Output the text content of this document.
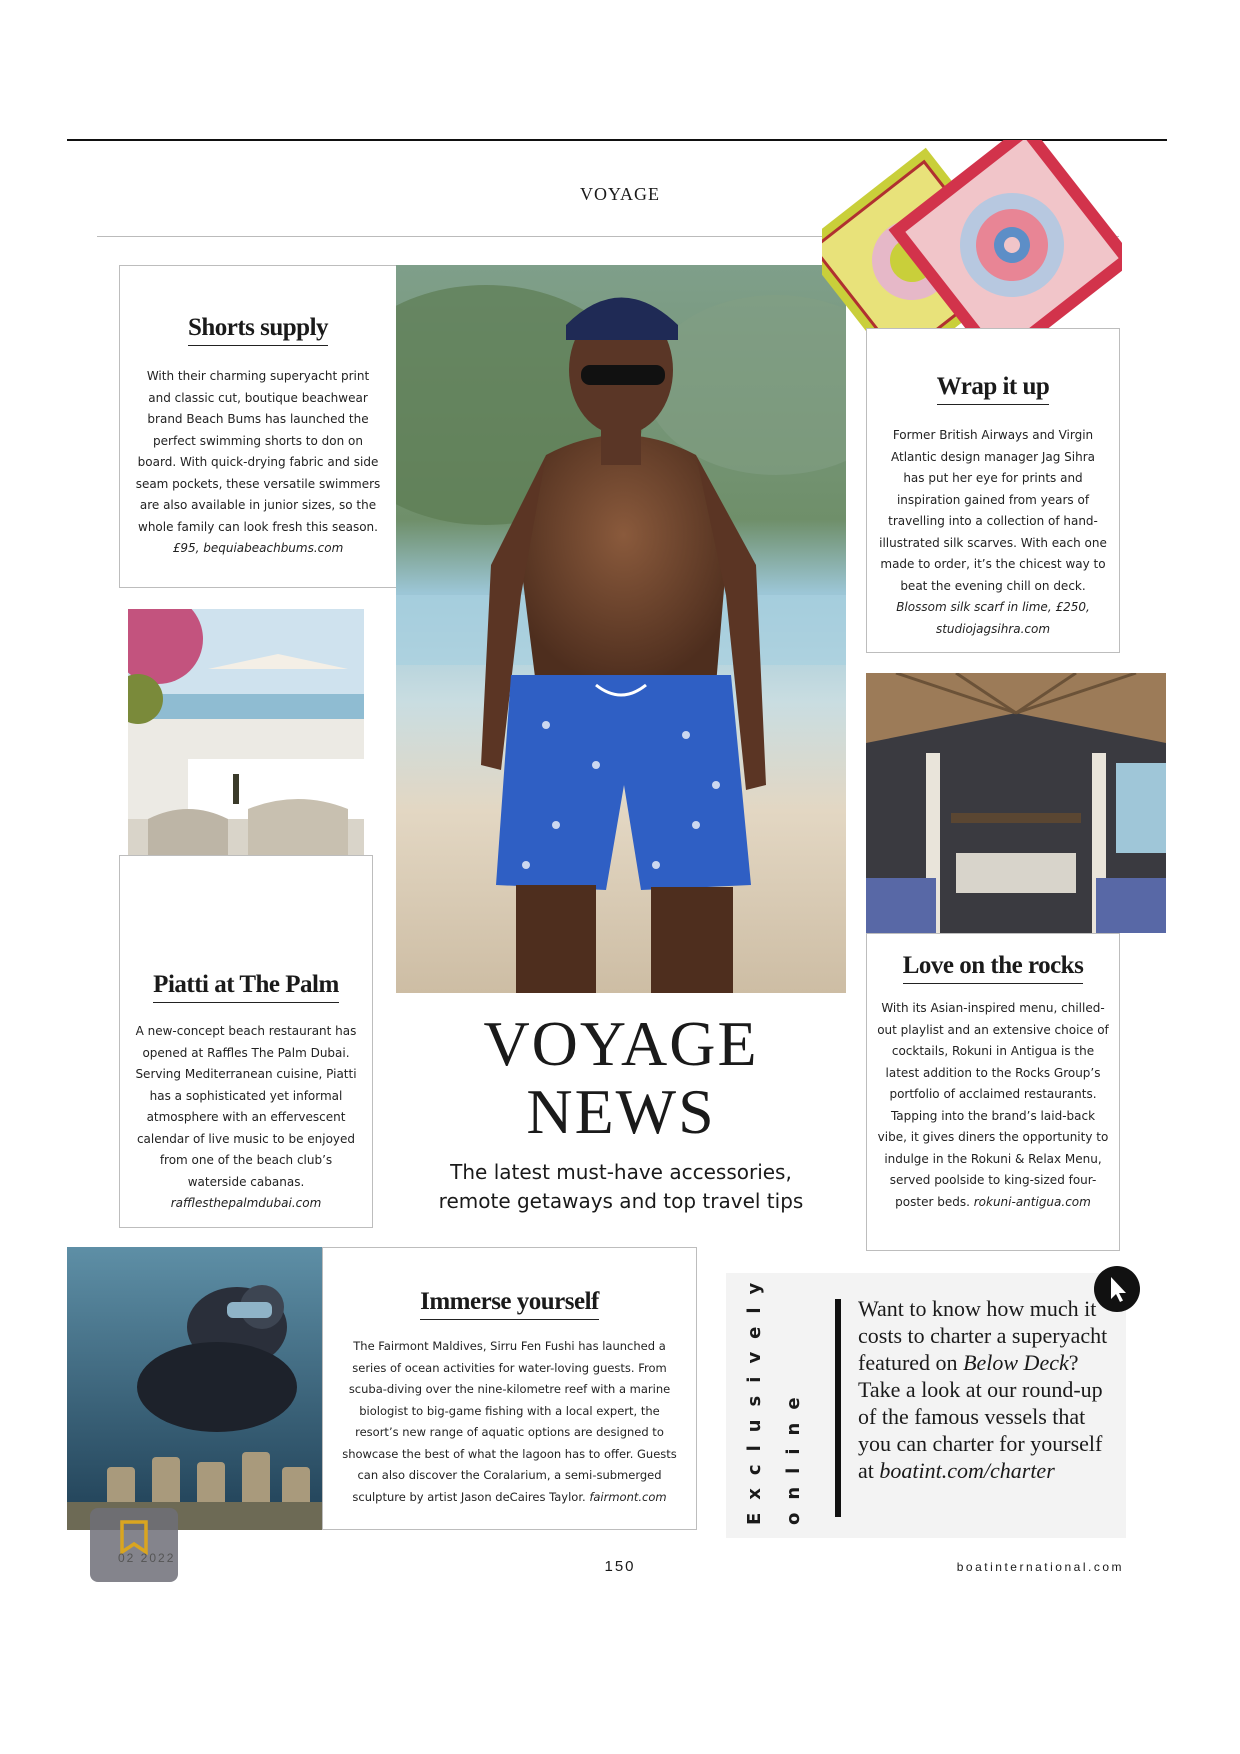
VOYAGE
Shorts supply
With their charming superyacht print and classic cut, boutique beachwear brand Beach Bums has launched the perfect swimming shorts to don on board. With quick-drying fabric and side seam pockets, these versatile swimmers are also available in junior sizes, so the whole family can look fresh this season. £95, bequiabeachbums.com
Wrap it up
Former British Airways and Virgin Atlantic design manager Jag Sihra has put her eye for prints and inspiration gained from years of travelling into a collection of hand-illustrated silk scarves. With each one made to order, it’s the chicest way to beat the evening chill on deck. Blossom silk scarf in lime, £250, studiojagsihra.com
Piatti at The Palm
A new-concept beach restaurant has opened at Raffles The Palm Dubai. Serving Mediterranean cuisine, Piatti has a sophisticated yet informal atmosphere with an effervescent calendar of live music to be enjoyed from one of the beach club’s waterside cabanas. rafflesthepalmdubai.com
Love on the rocks
With its Asian-inspired menu, chilled-out playlist and an extensive choice of cocktails, Rokuni in Antigua is the latest addition to the Rocks Group’s portfolio of acclaimed restaurants. Tapping into the brand’s laid-back vibe, it gives diners the opportunity to indulge in the Rokuni & Relax Menu, served poolside to king-sized four-poster beds. rokuni-antigua.com
VOYAGE
NEWS
The latest must-have accessories,
remote getaways and top travel tips
Immerse yourself
The Fairmont Maldives, Sirru Fen Fushi has launched a series of ocean activities for water-loving guests. From scuba-diving over the nine-kilometre reef with a marine biologist to big-game fishing with a local expert, the resort’s new range of aquatic options are designed to showcase the best of what the lagoon has to offer. Guests can also discover the Coralarium, a semi-submerged sculpture by artist Jason deCaires Taylor. fairmont.com	Exclusively online
Want to know how much it costs to charter a superyacht featured on Below Deck? Take a look at our round-up of the famous vessels that you can charter for yourself at boatint.com/charter
02 2022	150	boatinternational.com
